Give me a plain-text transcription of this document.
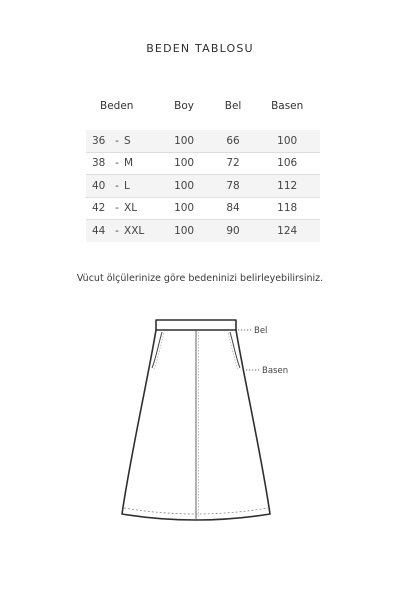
BEDEN TABLOSU
Beden	Boy	Bel	Basen

36 - S	100	66	100
38 - M	100	72	106
40 - L	100	78	112
42 - XL	100	84	118
44 - XXL	100	90	124
Vücut ölçülerinize göre bedeninizi belirleyebilirsiniz.
Bel
Basen
